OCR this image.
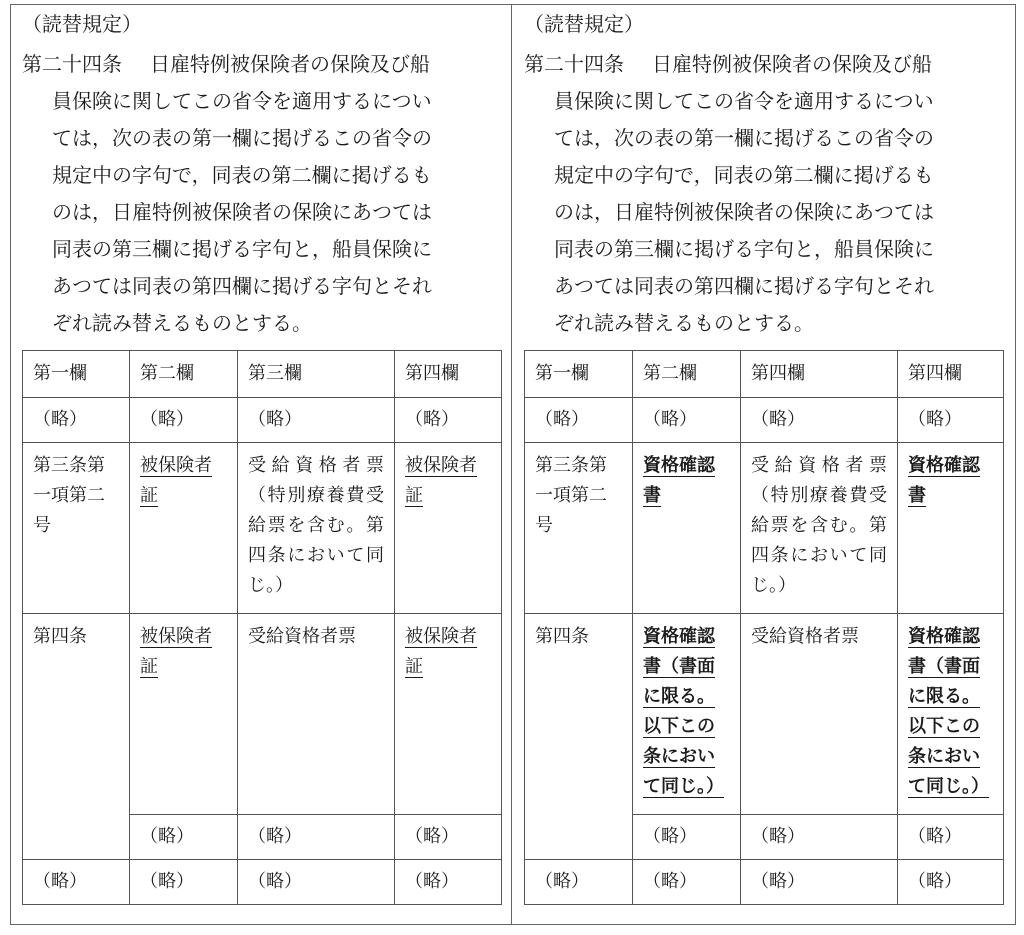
（読替規定）
第二十四条 日雇特例被保険者の保険及び船
員保険に関してこの省令を適用するについ
ては，次の表の第一欄に掲げるこの省令の
規定中の字句で，同表の第二欄に掲げるも
のは，日雇特例被保険者の保険にあつては
同表の第三欄に掲げる字句と，船員保険に
あつては同表の第四欄に掲げる字句とそれ
ぞれ読み替えるものとする。
第一欄	第二欄	第三欄	第四欄
（略）	（略）	（略）	（略）
第三条第一項第二号	被保険者証	受給資格者票（特別療養費受給票を含む。第四条において同じ。）	被保険者証
第四条	被保険者証	受給資格者票	被保険者証
	（略）	（略）	（略）
（略）	（略）	（略）	（略）
（読替規定）
第二十四条 日雇特例被保険者の保険及び船
員保険に関してこの省令を適用するについ
ては，次の表の第一欄に掲げるこの省令の
規定中の字句で，同表の第二欄に掲げるも
のは，日雇特例被保険者の保険にあつては
同表の第三欄に掲げる字句と，船員保険に
あつては同表の第四欄に掲げる字句とそれ
ぞれ読み替えるものとする。
第一欄	第二欄	第四欄	第四欄
（略）	（略）	（略）	（略）
第三条第一項第二号	資格確認書	受給資格者票（特別療養費受給票を含む。第四条において同じ。）	資格確認書
第四条	資格確認書（書面に限る。以下この条において同じ。）	受給資格者票	資格確認書（書面に限る。以下この条において同じ。）
	（略）	（略）	（略）
（略）	（略）	（略）	（略）
